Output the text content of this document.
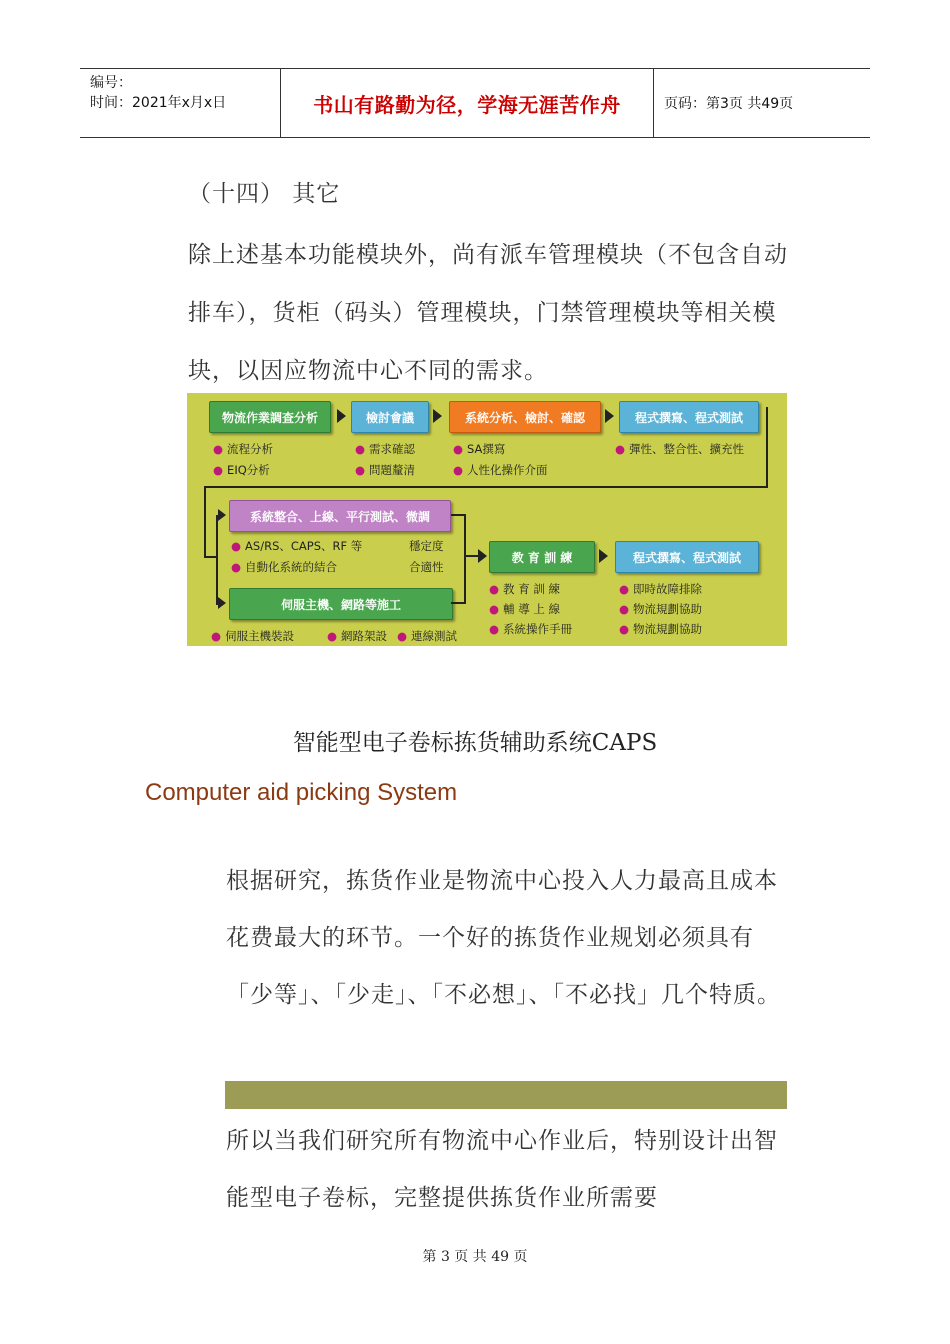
编号：
时间：2021年x月x日	书山有路勤为径，学海无涯苦作舟	页码：第3页 共49页
（十四） 其它
除上述基本功能模块外，尚有派车管理模块（不包含自动排车），货柜（码头）管理模块，门禁管理模块等相关模块，以因应物流中心不同的需求。
物流作業調查分析	檢討會議	系統分析、檢討、確認	程式撰寫、程式測試
● 流程分析
● EIQ分析
● 需求確認
● 問題釐清
● SA撰寫
● 人性化操作介面
● 彈性、整合性、擴充性
系統整合、上線、平行測試、微調
伺服主機、網路等施工
● AS/RS、CAPS、RF 等
● 自動化系統的結合
穩定度
合適性
● 伺服主機裝設	● 網路架設 ● 連線測試
教 育 訓 練	程式撰寫、程式測試
● 教 育 訓 練
● 輔 導 上 線
● 系統操作手冊
● 即時故障排除
● 物流規劃協助
● 物流規劃協助
智能型电子卷标拣货辅助系统CAPS
Computer aid picking System
根据研究，拣货作业是物流中心投入人力最高且成本花费最大的环节。一个好的拣货作业规划必须具有「少等」、「少走」、「不必想」、「不必找」几个特质。
所以当我们研究所有物流中心作业后，特别设计出智能型电子卷标，完整提供拣货作业所需要
第 3 页 共 49 页
